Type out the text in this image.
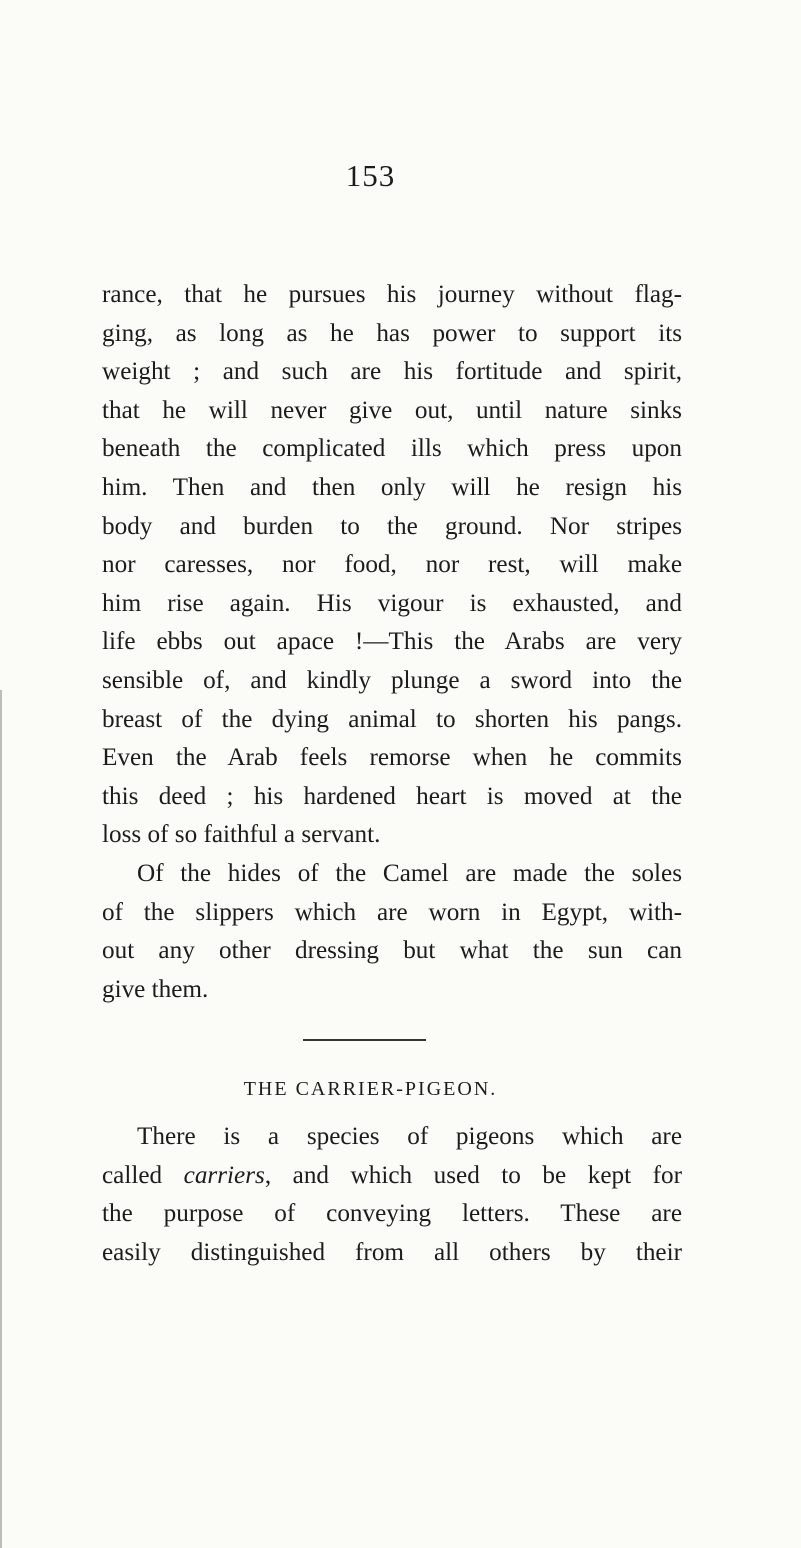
153
rance, that he pursues his journey without flag-
ging, as long as he has power to support its
weight ; and such are his fortitude and spirit,
that he will never give out, until nature sinks
beneath the complicated ills which press upon
him. Then and then only will he resign his
body and burden to the ground. Nor stripes
nor caresses, nor food, nor rest, will make
him rise again. His vigour is exhausted, and
life ebbs out apace !—This the Arabs are very
sensible of, and kindly plunge a sword into the
breast of the dying animal to shorten his pangs.
Even the Arab feels remorse when he commits
this deed ; his hardened heart is moved at the
loss of so faithful a servant.
Of the hides of the Camel are made the soles
of the slippers which are worn in Egypt, with-
out any other dressing but what the sun can
give them.
THE CARRIER-PIGEON.
There is a species of pigeons which are
called carriers, and which used to be kept for
the purpose of conveying letters. These are
easily distinguished from all others by their
